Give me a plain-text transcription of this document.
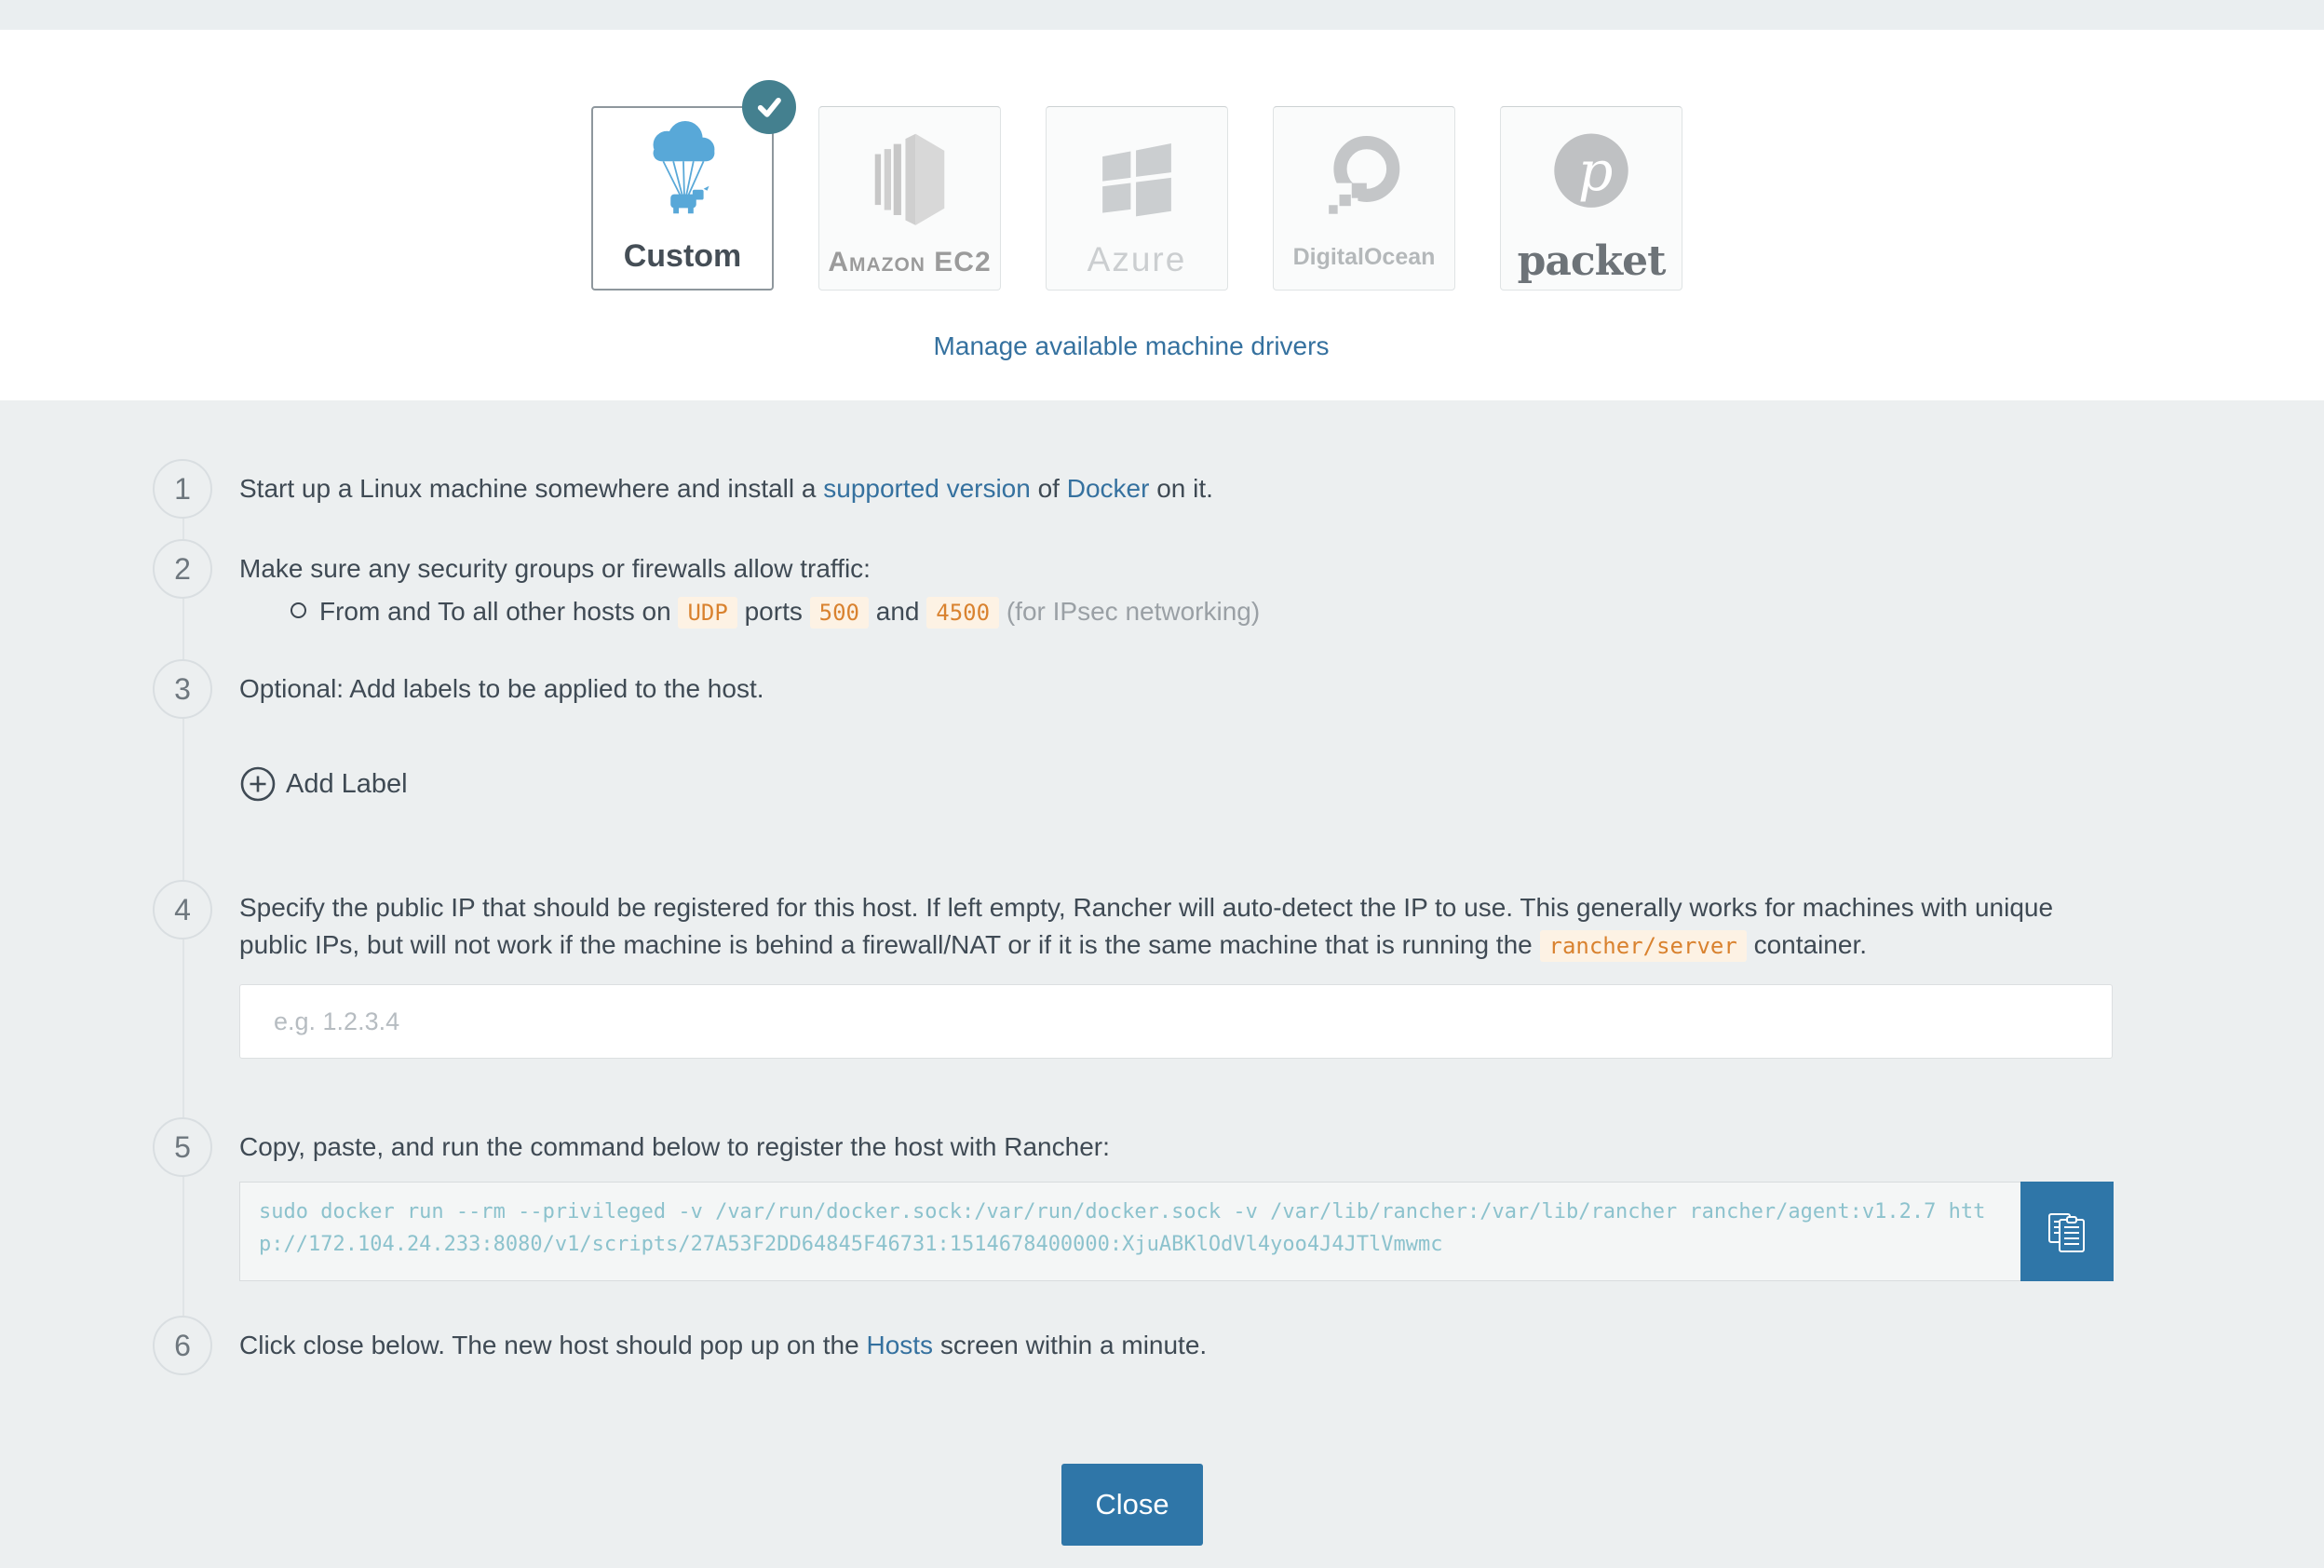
Custom	Amazon EC2	Azure	DigitalOcean
p
packet
Manage available machine drivers
1 Start up a Linux machine somewhere and install a supported version of Docker on it.
2 Make sure any security groups or firewalls allow traffic:
From and To all other hosts on UDP ports 500 and 4500 (for IPsec networking)
3 Optional: Add labels to be applied to the host.
Add Label
4 Specify the public IP that should be registered for this host. If left empty, Rancher will auto-detect the IP to use. This generally works for machines with unique public IPs, but will not work if the machine is behind a firewall/NAT or if it is the same machine that is running the rancher/server container.
e.g. 1.2.3.4
5 Copy, paste, and run the command below to register the host with Rancher:
sudo docker run --rm --privileged -v /var/run/docker.sock:/var/run/docker.sock -v /var/lib/rancher:/var/lib/rancher rancher/agent:v1.2.7 http://172.104.24.233:8080/v1/scripts/27A53F2DD64845F46731:1514678400000:XjuABKlOdVl4yoo4J4JTlVmwmc
6 Click close below. The new host should pop up on the Hosts screen within a minute.
Close
